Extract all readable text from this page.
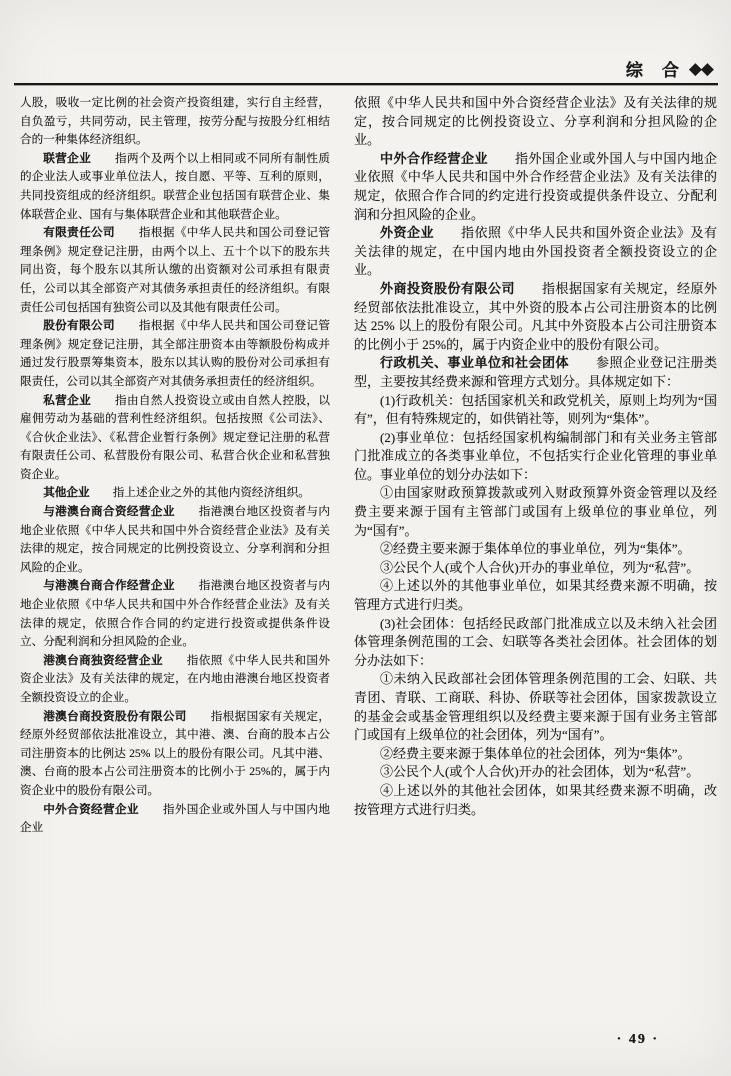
综　合 ◆◆

人股，吸收一定比例的社会资产投资组建，实行自主经营，自负盈亏，共同劳动，民主管理，按劳分配与按股分红相结合的一种集体经济组织。

联营企业　　 指两个及两个以上相同或不同所有制性质的企业法人或事业单位法人，按自愿、平等、互利的原则，共同投资组成的经济组织。联营企业包括国有联营企业、集体联营企业、国有与集体联营企业和其他联营企业。

有限责任公司　　 指根据《中华人民共和国公司登记管理条例》规定登记注册，由两个以上、五十个以下的股东共同出资，每个股东以其所认缴的出资额对公司承担有限责任，公司以其全部资产对其债务承担责任的经济组织。有限责任公司包括国有独资公司以及其他有限责任公司。

股份有限公司　　 指根据《中华人民共和国公司登记管理条例》规定登记注册，其全部注册资本由等额股份构成并通过发行股票筹集资本，股东以其认购的股份对公司承担有限责任，公司以其全部资产对其债务承担责任的经济组织。

私营企业　　 指由自然人投资设立或由自然人控股，以雇佣劳动为基础的营利性经济组织。包括按照《公司法》、《合伙企业法》、《私营企业暂行条例》规定登记注册的私营有限责任公司、私营股份有限公司、私营合伙企业和私营独资企业。

其他企业　　 指上述企业之外的其他内资经济组织。

与港澳台商合资经营企业　　 指港澳台地区投资者与内地企业依照《中华人民共和国中外合资经营企业法》及有关法律的规定，按合同规定的比例投资设立、分享利润和分担风险的企业。

与港澳台商合作经营企业　　 指港澳台地区投资者与内地企业依照《中华人民共和国中外合作经营企业法》及有关法律的规定，依照合作合同的约定进行投资或提供条件设立、分配利润和分担风险的企业。

港澳台商独资经营企业　　 指依照《中华人民共和国外资企业法》及有关法律的规定，在内地由港澳台地区投资者全额投资设立的企业。

港澳台商投资股份有限公司　　 指根据国家有关规定，经原外经贸部依法批准设立，其中港、澳、台商的股本占公司注册资本的比例达 25% 以上的股份有限公司。凡其中港、澳、台商的股本占公司注册资本的比例小于 25%的，属于内资企业中的股份有限公司。

中外合资经营企业　　 指外国企业或外国人与中国内地企业

依照《中华人民共和国中外合资经营企业法》及有关法律的规定，按合同规定的比例投资设立、分享利润和分担风险的企业。

中外合作经营企业　　 指外国企业或外国人与中国内地企业依照《中华人民共和国中外合作经营企业法》及有关法律的规定，依照合作合同的约定进行投资或提供条件设立、分配利润和分担风险的企业。

外资企业　　 指依照《中华人民共和国外资企业法》及有关法律的规定，在中国内地由外国投资者全额投资设立的企业。

外商投资股份有限公司　　 指根据国家有关规定，经原外经贸部依法批准设立，其中外资的股本占公司注册资本的比例达 25% 以上的股份有限公司。凡其中外资股本占公司注册资本的比例小于 25%的，属于内资企业中的股份有限公司。

行政机关、事业单位和社会团体　　 参照企业登记注册类型，主要按其经费来源和管理方式划分。具体规定如下：

(1)行政机关：包括国家机关和政党机关，原则上均列为“国有”，但有特殊规定的，如供销社等，则列为“集体”。

(2)事业单位：包括经国家机构编制部门和有关业务主管部门批准成立的各类事业单位，不包括实行企业化管理的事业单位。事业单位的划分办法如下：

①由国家财政预算拨款或列入财政预算外资金管理以及经费主要来源于国有主管部门或国有上级单位的事业单位，列为“国有”。

②经费主要来源于集体单位的事业单位，列为“集体”。

③公民个人(或个人合伙)开办的事业单位，列为“私营”。

④上述以外的其他事业单位，如果其经费来源不明确，按管理方式进行归类。

(3)社会团体：包括经民政部门批准成立以及未纳入社会团体管理条例范围的工会、妇联等各类社会团体。社会团体的划分办法如下：

①未纳入民政部社会团体管理条例范围的工会、妇联、共青团、青联、工商联、科协、侨联等社会团体，国家拨款设立的基金会或基金管理组织以及经费主要来源于国有业务主管部门或国有上级单位的社会团体，列为“国有”。

②经费主要来源于集体单位的社会团体，列为“集体”。

③公民个人(或个人合伙)开办的社会团体，划为“私营”。

④上述以外的其他社会团体，如果其经费来源不明确，改按管理方式进行归类。

· 49 ·
